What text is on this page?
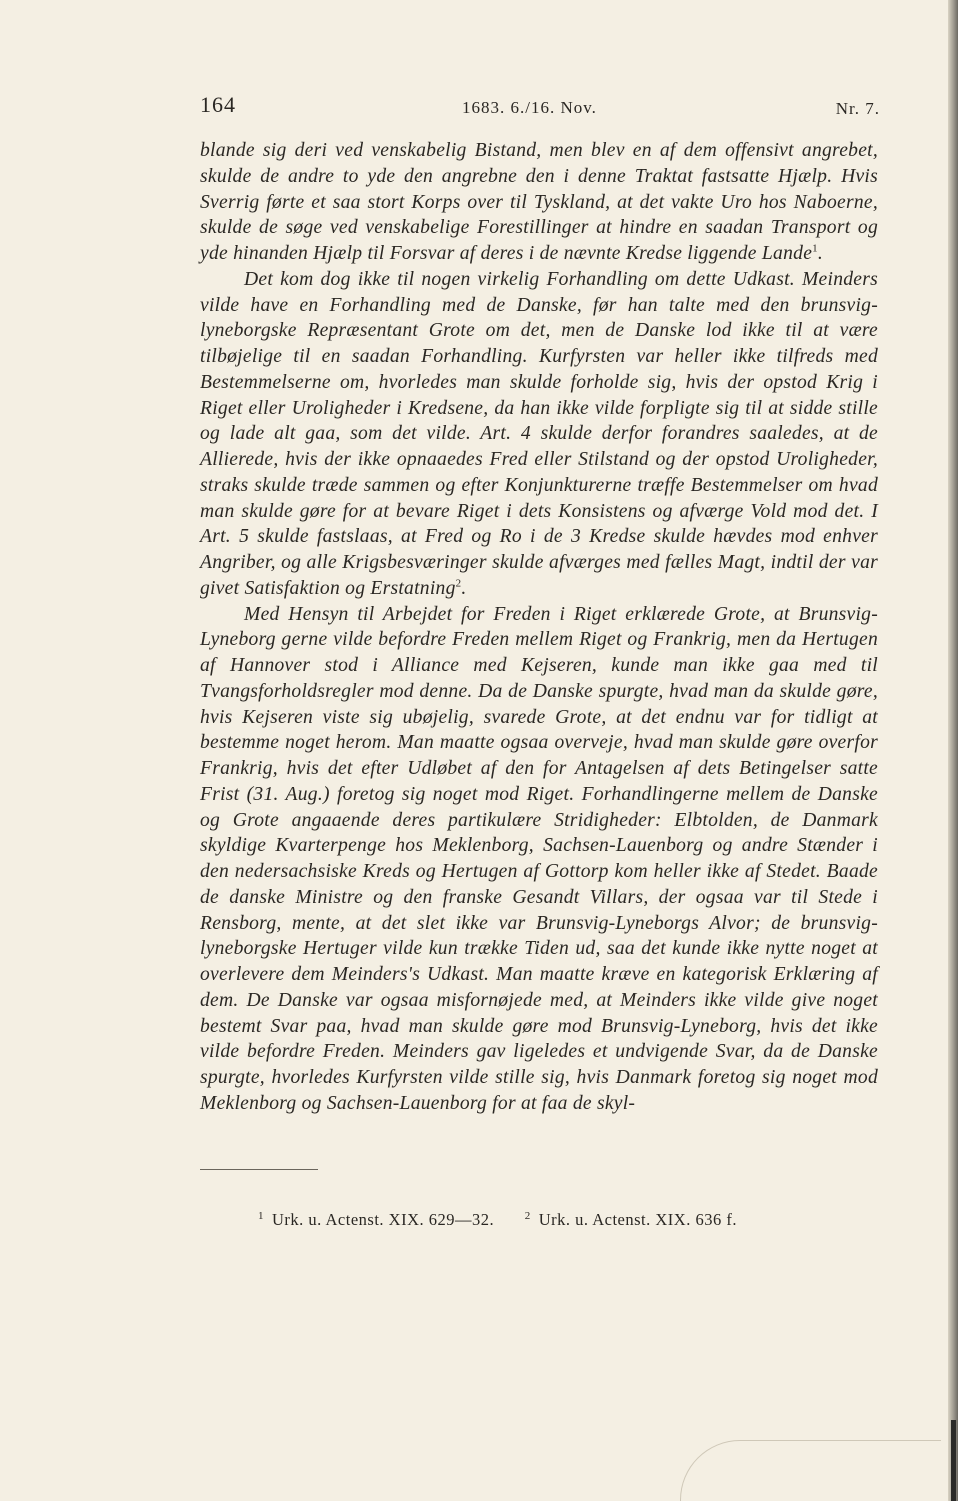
164	1683. 6./16. Nov.	Nr. 7.

blande sig deri ved venskabelig Bistand, men blev en af dem offensivt angrebet, skulde de andre to yde den angrebne den i denne Traktat fastsatte Hjælp. Hvis Sverrig førte et saa stort Korps over til Tyskland, at det vakte Uro hos Naboerne, skulde de søge ved venskabelige Forestillinger at hindre en saadan Transport og yde hinanden Hjælp til Forsvar af deres i de nævnte Kredse liggende Lande$^1$.

Det kom dog ikke til nogen virkelig Forhandling om dette Udkast. Meinders vilde have en Forhandling med de Danske, før han talte med den brunsvig-lyneborgske Repræsentant Grote om det, men de Danske lod ikke til at være tilbøjelige til en saadan Forhandling. Kurfyrsten var heller ikke tilfreds med Bestemmelserne om, hvorledes man skulde forholde sig, hvis der opstod Krig i Riget eller Uroligheder i Kredsene, da han ikke vilde forpligte sig til at sidde stille og lade alt gaa, som det vilde. Art. 4 skulde derfor forandres saaledes, at de Allierede, hvis der ikke opnaaedes Fred eller Stilstand og der opstod Uroligheder, straks skulde træde sammen og efter Konjunkturerne træffe Bestemmelser om hvad man skulde gøre for at bevare Riget i dets Konsistens og afværge Vold mod det. I Art. 5 skulde fastslaas, at Fred og Ro i de 3 Kredse skulde hævdes mod enhver Angriber, og alle Krigsbesværinger skulde afværges med fælles Magt, indtil der var givet Satisfaktion og Erstatning$^2$.

Med Hensyn til Arbejdet for Freden i Riget erklærede Grote, at Brunsvig-Lyneborg gerne vilde befordre Freden mellem Riget og Frankrig, men da Hertugen af Hannover stod i Alliance med Kejseren, kunde man ikke gaa med til Tvangsforholdsregler mod denne. Da de Danske spurgte, hvad man da skulde gøre, hvis Kejseren viste sig ubøjelig, svarede Grote, at det endnu var for tidligt at bestemme noget herom. Man maatte ogsaa overveje, hvad man skulde gøre overfor Frankrig, hvis det efter Udløbet af den for Antagelsen af dets Betingelser satte Frist (31. Aug.) foretog sig noget mod Riget. Forhandlingerne mellem de Danske og Grote angaaende deres partikulære Stridigheder: Elbtolden, de Danmark skyldige Kvarterpenge hos Meklenborg, Sachsen-Lauenborg og andre Stænder i den nedersachsiske Kreds og Hertugen af Gottorp kom heller ikke af Stedet. Baade de danske Ministre og den franske Gesandt Villars, der ogsaa var til Stede i Rensborg, mente, at det slet ikke var Brunsvig-Lyneborgs Alvor; de brunsvig-lyneborgske Hertuger vilde kun trække Tiden ud, saa det kunde ikke nytte noget at overlevere dem Meinders's Udkast. Man maatte kræve en kategorisk Erklæring af dem. De Danske var ogsaa misfornøjede med, at Meinders ikke vilde give noget bestemt Svar paa, hvad man skulde gøre mod Brunsvig-Lyneborg, hvis det ikke vilde befordre Freden. Meinders gav ligeledes et undvigende Svar, da de Danske spurgte, hvorledes Kurfyrsten vilde stille sig, hvis Danmark foretog sig noget mod Meklenborg og Sachsen-Lauenborg for at faa de skyl-

$^1$ Urk. u. Actenst. XIX. 629—32.	$^2$ Urk. u. Actenst. XIX. 636 f.
